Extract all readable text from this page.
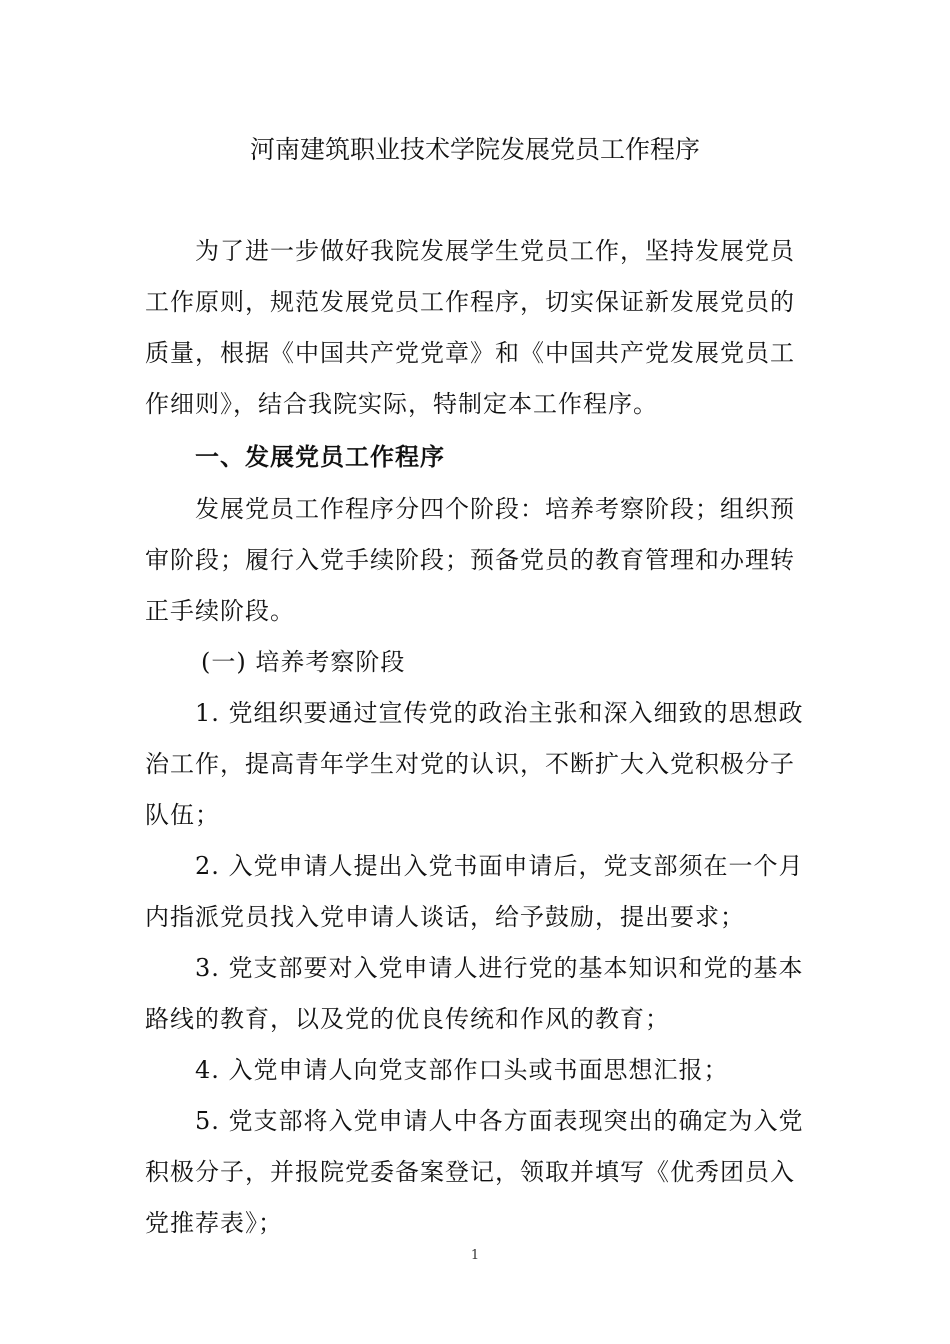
河南建筑职业技术学院发展党员工作程序

为了进一步做好我院发展学生党员工作，坚持发展党员工作原则，规范发展党员工作程序，切实保证新发展党员的质量，根据《中国共产党党章》和《中国共产党发展党员工作细则》，结合我院实际，特制定本工作程序。

一、发展党员工作程序

发展党员工作程序分四个阶段：培养考察阶段；组织预审阶段；履行入党手续阶段；预备党员的教育管理和办理转正手续阶段。

(一) 培养考察阶段

1. 党组织要通过宣传党的政治主张和深入细致的思想政治工作，提高青年学生对党的认识，不断扩大入党积极分子队伍；

2. 入党申请人提出入党书面申请后，党支部须在一个月内指派党员找入党申请人谈话，给予鼓励，提出要求；

3. 党支部要对入党申请人进行党的基本知识和党的基本路线的教育，以及党的优良传统和作风的教育；

4. 入党申请人向党支部作口头或书面思想汇报；

5. 党支部将入党申请人中各方面表现突出的确定为入党积极分子，并报院党委备案登记，领取并填写《优秀团员入党推荐表》；

1
